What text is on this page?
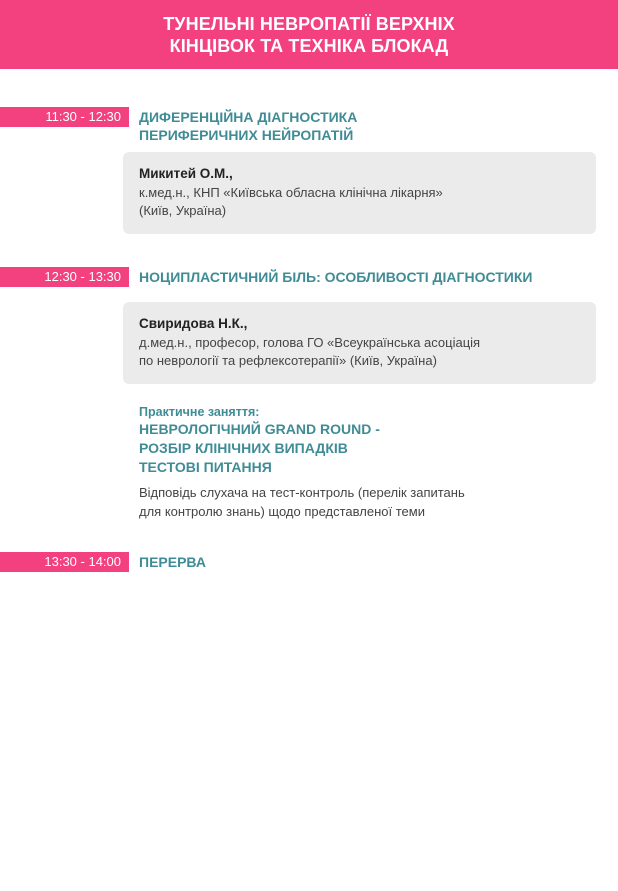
ТУНЕЛЬНІ НЕВРОПАТІЇ ВЕРХНІХ
КІНЦІВОК ТА ТЕХНІКА БЛОКАД
11:30 - 12:30	ДИФЕРЕНЦІЙНА ДІАГНОСТИКА
ПЕРИФЕРИЧНИХ НЕЙРОПАТІЙ
Микитей О.М.,
к.мед.н., КНП «Київська обласна клінічна лікарня»
(Київ, Україна)
12:30 - 13:30	НОЦИПЛАСТИЧНИЙ БІЛЬ: ОСОБЛИВОСТІ ДІАГНОСТИКИ
Свиридова Н.К.,
д.мед.н., професор, голова ГО «Всеукраїнська асоціація
по неврології та рефлексотерапії» (Київ, Україна)
Практичне заняття:
НЕВРОЛОГІЧНИЙ GRAND ROUND -
РОЗБІР КЛІНІЧНИХ ВИПАДКІВ
ТЕСТОВІ ПИТАННЯ
Відповідь слухача на тест-контроль (перелік запитань
для контролю знань) щодо представленої теми
13:30 - 14:00	ПЕРЕРВА
